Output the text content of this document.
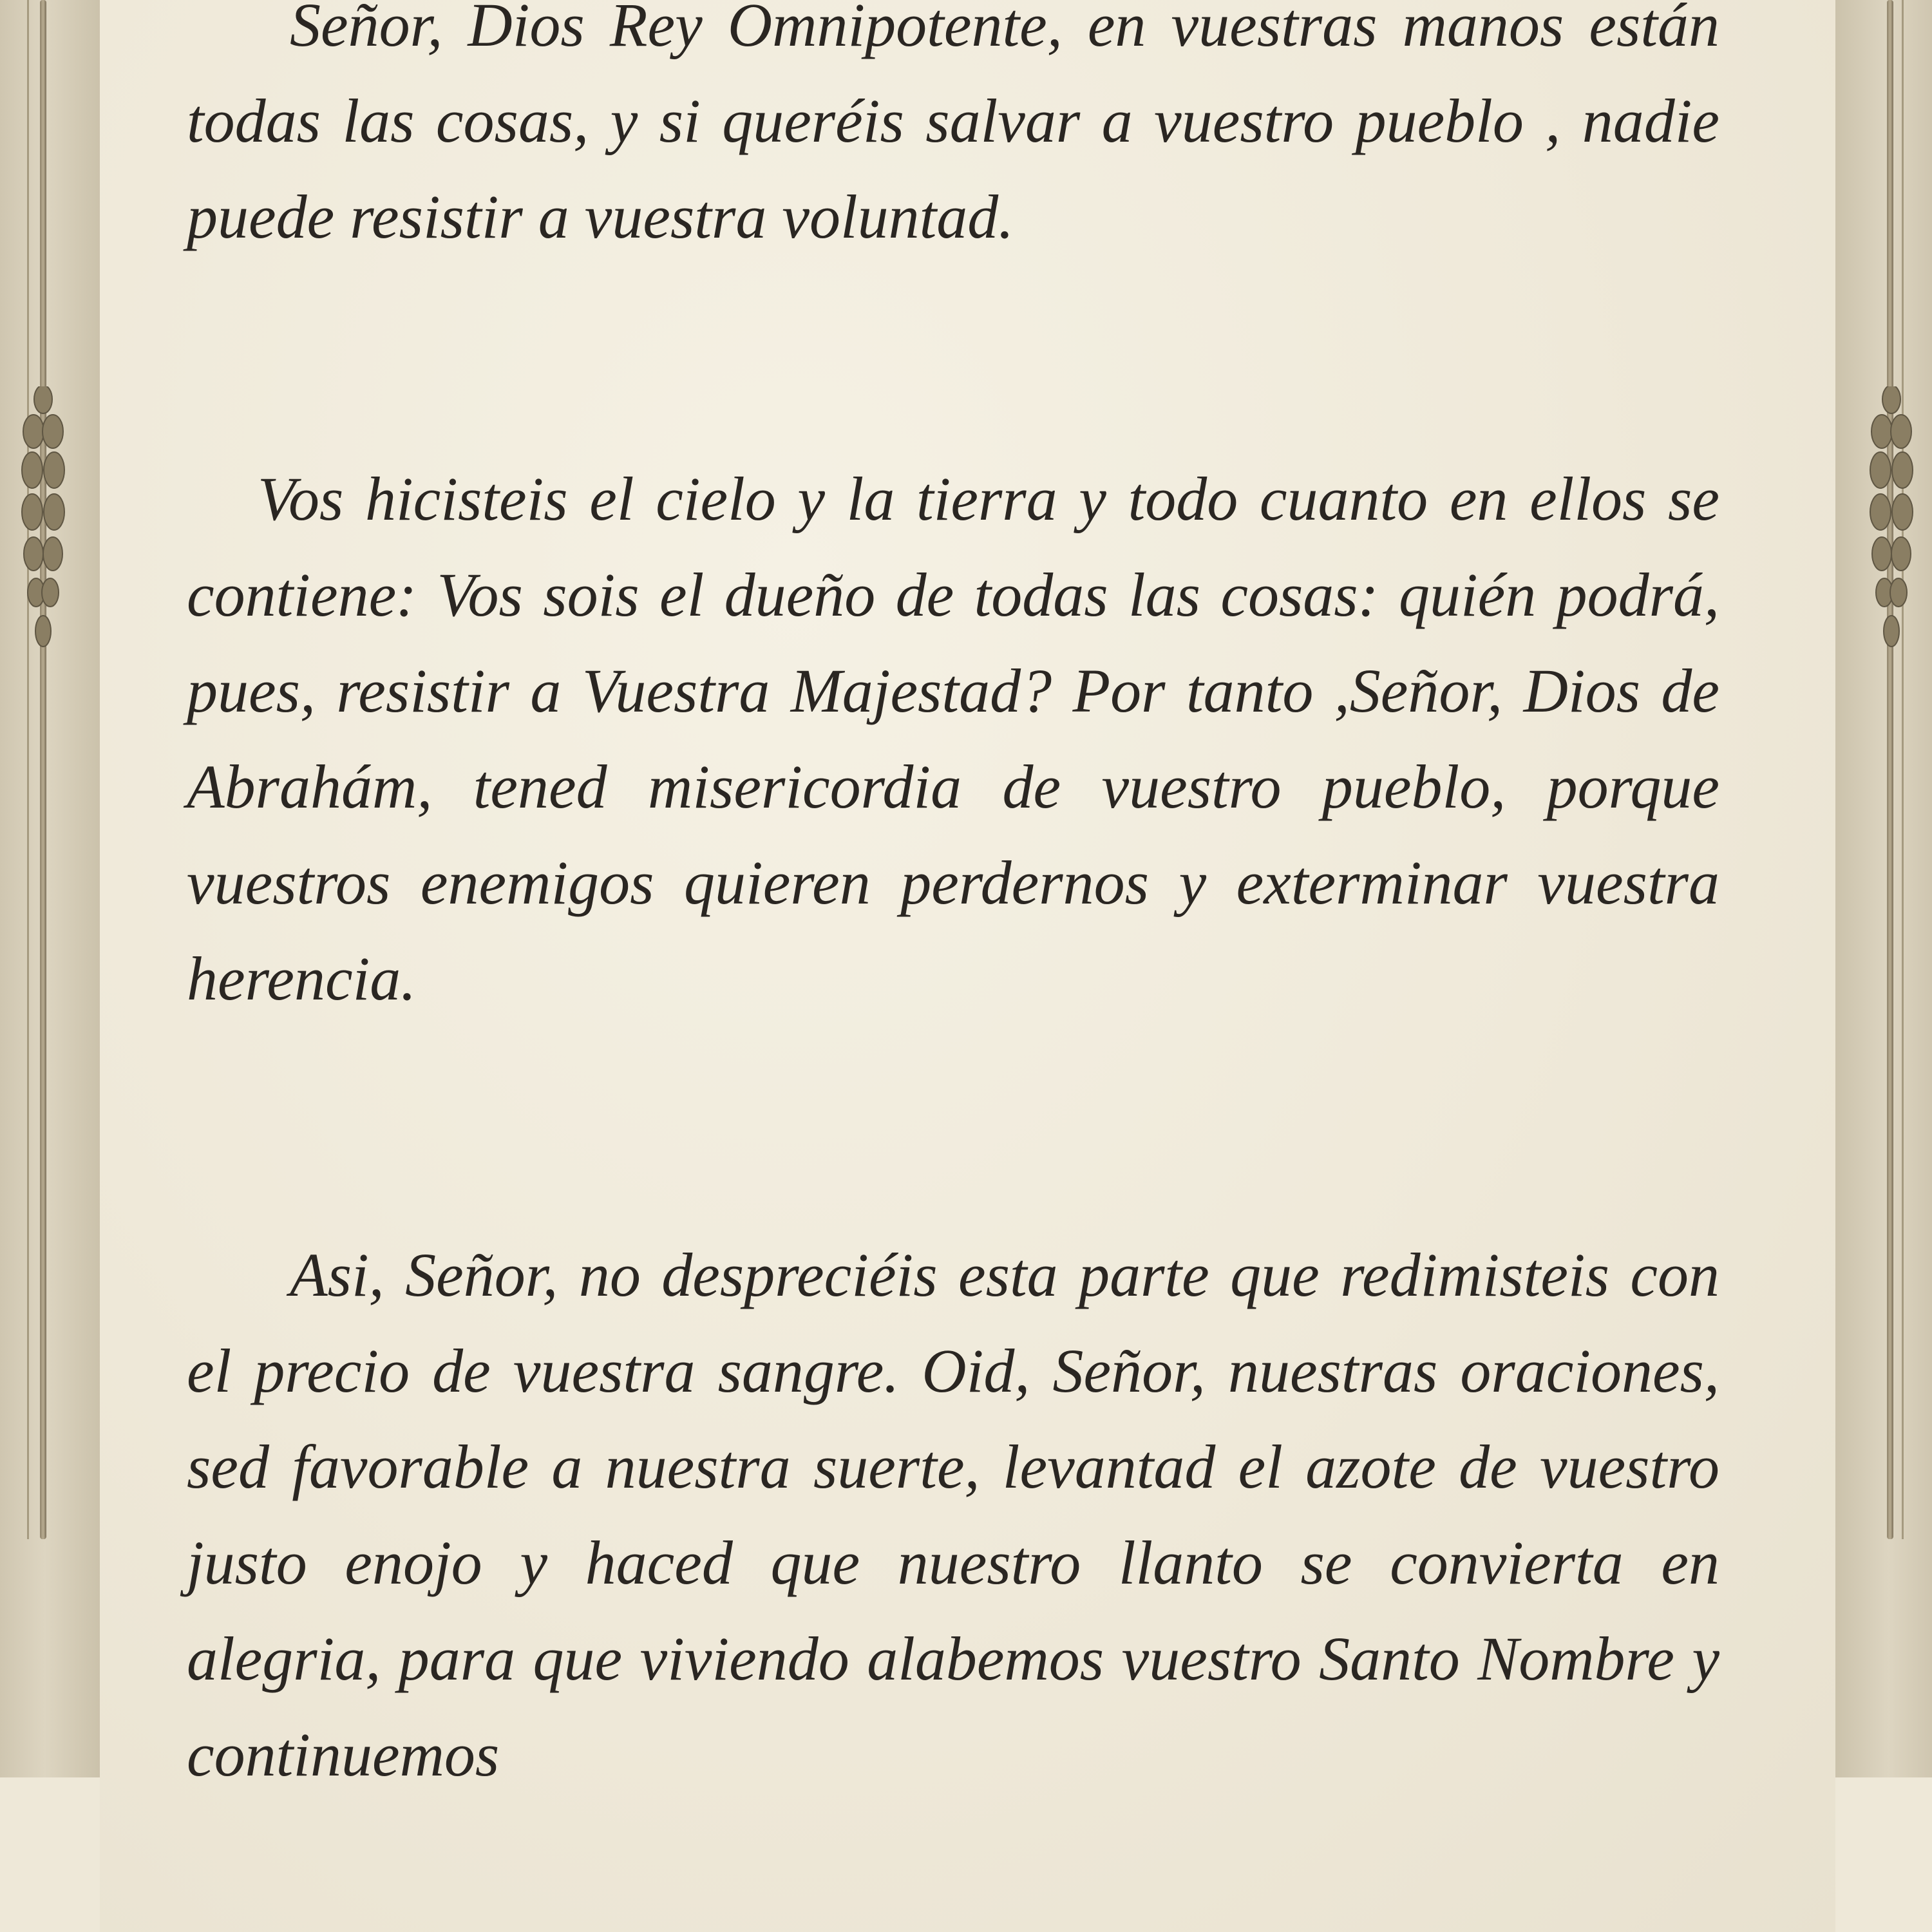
Señor, Dios Rey Omnipotente, en vuestras manos están todas las cosas, y si queréis salvar a vuestro pueblo , nadie puede resistir a vuestra voluntad.

Vos hicisteis el cielo y la tierra y todo cuanto en ellos se contiene: Vos sois el dueño de todas las cosas: quién podrá, pues, resistir a Vuestra Majestad? Por tanto ,Señor, Dios de Abrahám, tened misericordia de vuestro pueblo, porque vuestros enemigos quieren perdernos y exterminar vuestra herencia.

Asi, Señor, no despreciéis esta parte que redimisteis con el precio de vuestra sangre. Oid, Señor, nuestras oraciones, sed favorable a nuestra suerte, levantad el azote de vuestro justo enojo y haced que nuestro llanto se convierta en alegria, para que viviendo alabemos vuestro Santo Nombre y continuemos
